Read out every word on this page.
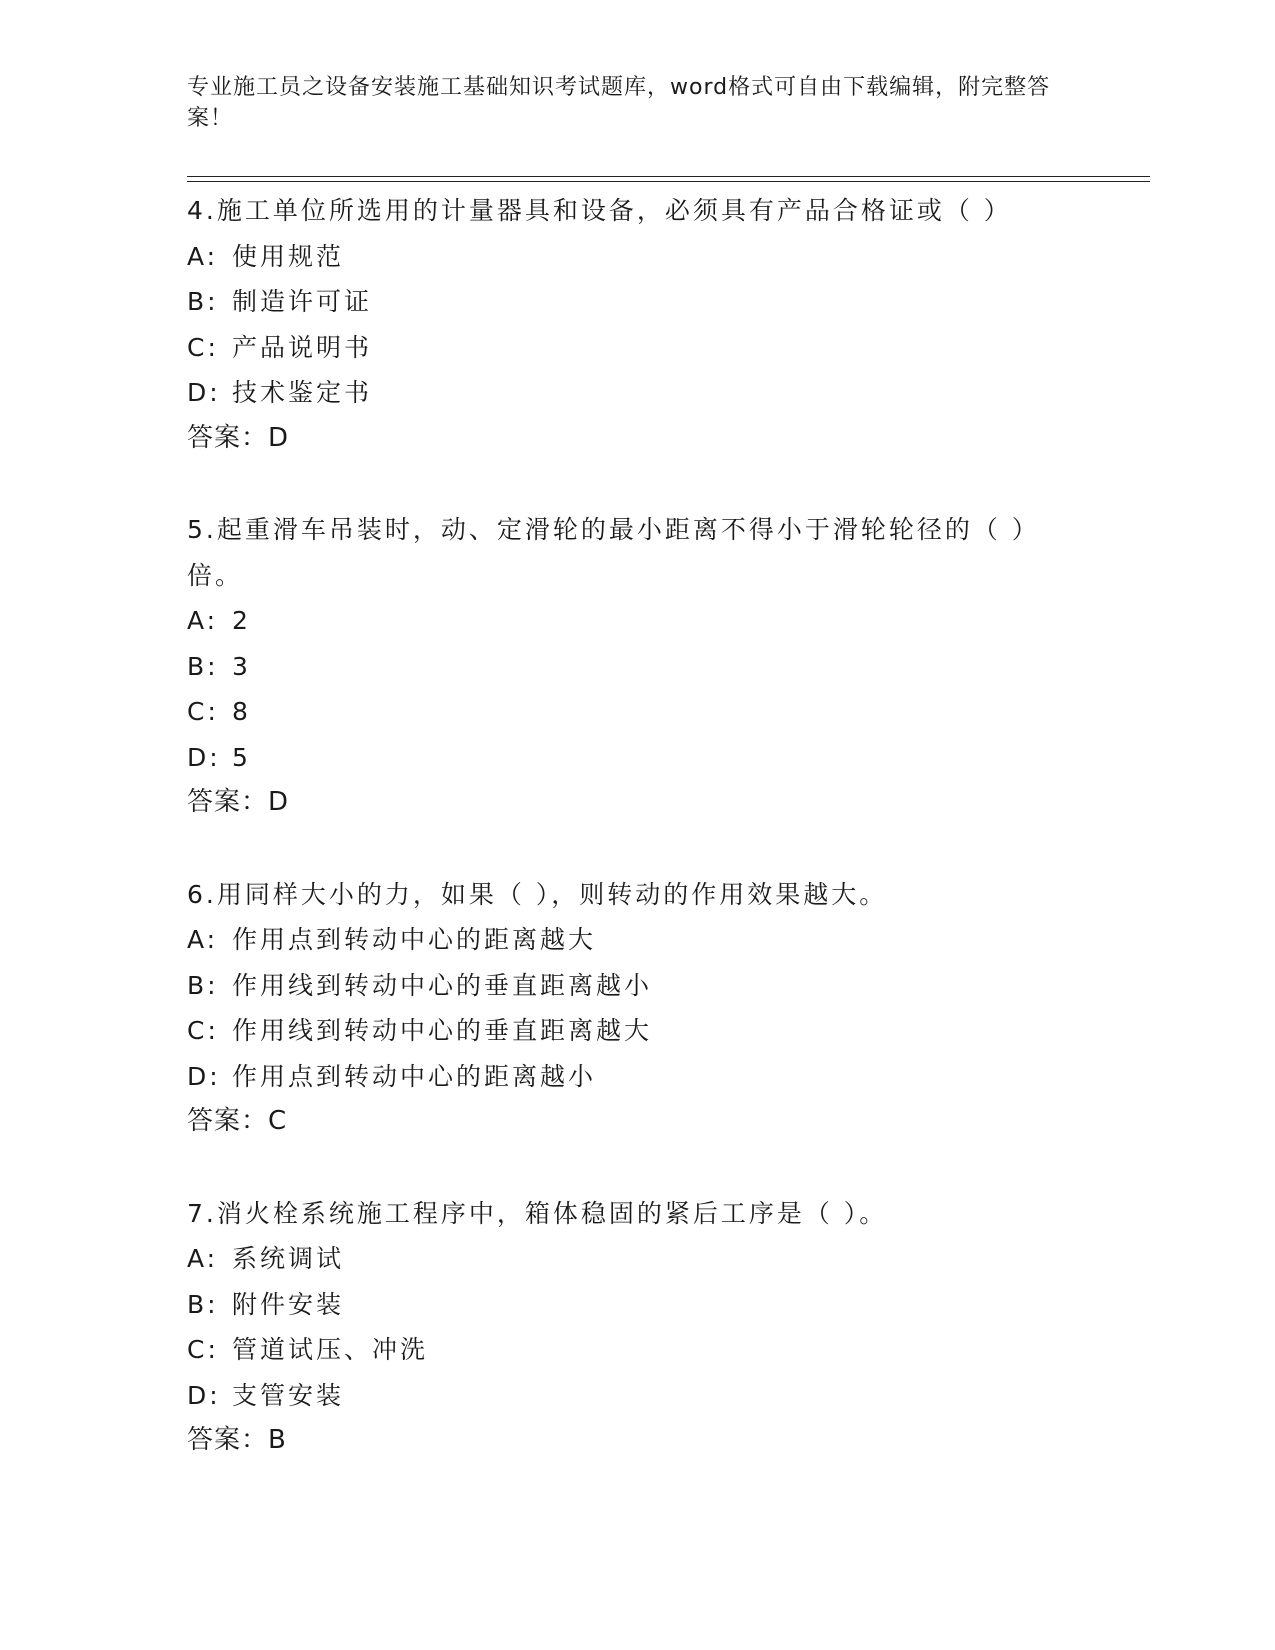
专业施工员之设备安装施工基础知识考试题库，word格式可自由下载编辑，附完整答案！
4.施工单位所选用的计量器具和设备，必须具有产品合格证或（ ）
A: 使用规范
B: 制造许可证
C: 产品说明书
D: 技术鉴定书
答案：D
5.起重滑车吊装时，动、定滑轮的最小距离不得小于滑轮轮径的（ ）
倍。
A: 2
B: 3
C: 8
D: 5
答案：D
6.用同样大小的力，如果（ ），则转动的作用效果越大。
A: 作用点到转动中心的距离越大
B: 作用线到转动中心的垂直距离越小
C: 作用线到转动中心的垂直距离越大
D: 作用点到转动中心的距离越小
答案：C
7.消火栓系统施工程序中，箱体稳固的紧后工序是（ ）。
A: 系统调试
B: 附件安装
C: 管道试压、冲洗
D: 支管安装
答案：B
